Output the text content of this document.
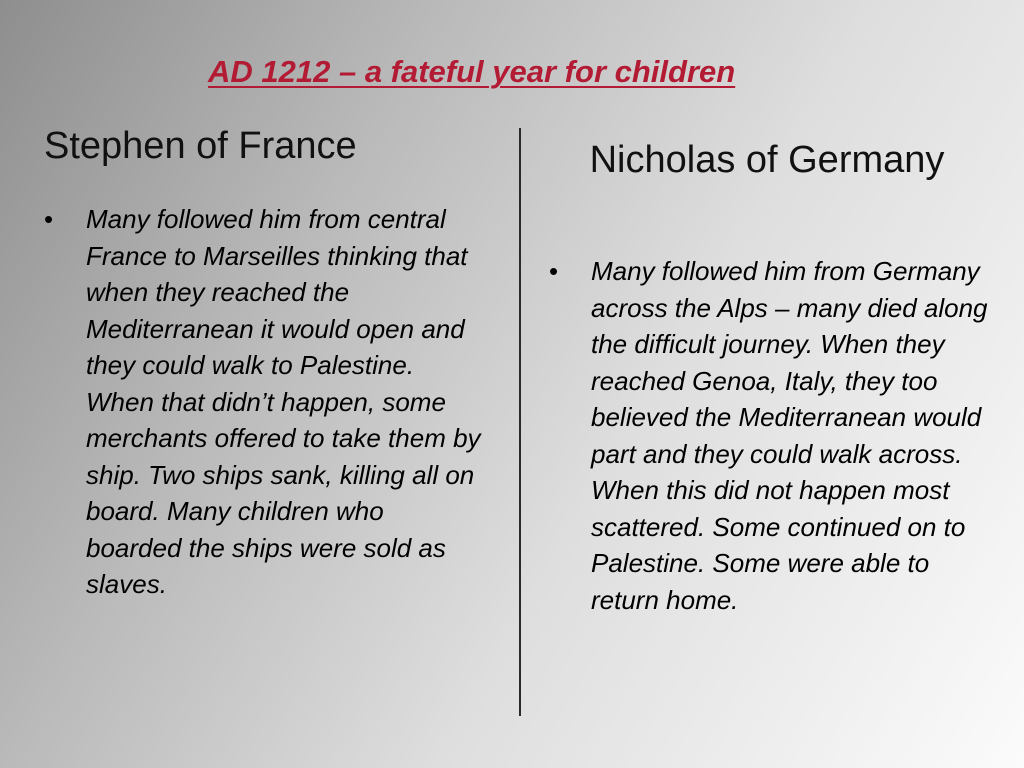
AD 1212 – a fateful year for children
Stephen of France	Nicholas of Germany
• Many followed him from central France to Marseilles thinking that when they reached the Mediterranean it would open and they could walk to Palestine. When that didn’t happen, some merchants offered to take them by ship. Two ships sank, killing all on board. Many children who boarded the ships were sold as slaves.
• Many followed him from Germany across the Alps – many died along the difficult journey. When they reached Genoa, Italy, they too believed the Mediterranean would part and they could walk across. When this did not happen most scattered. Some continued on to Palestine. Some were able to return home.
